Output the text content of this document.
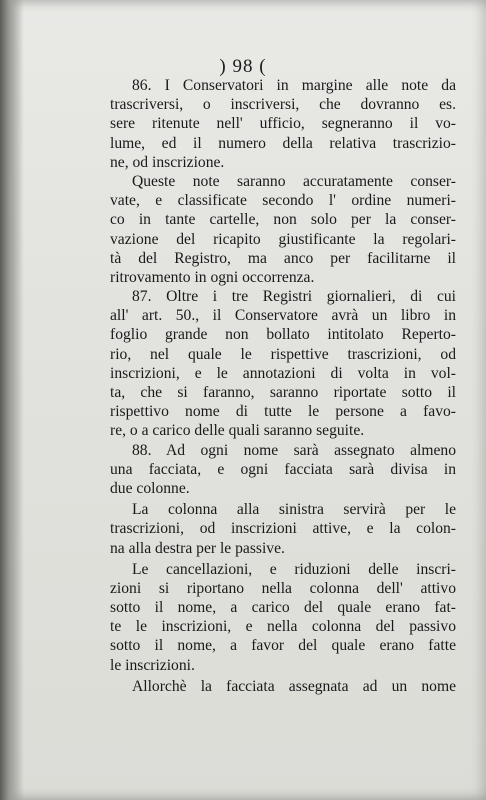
) 98 (
86. I Conservatori in margine alle note da
trascriversi, o inscriversi, che dovranno es.
sere ritenute nell' ufficio, segneranno il vo-
lume, ed il numero della relativa trascrizio-
ne, od inscrizione.
Queste note saranno accuratamente conser-
vate, e classificate secondo l' ordine numeri-
co in tante cartelle, non solo per la conser-
vazione del ricapito giustificante la regolari-
tà del Registro, ma anco per facilitarne il
ritrovamento in ogni occorrenza.
87. Oltre i tre Registri giornalieri, di cui
all' art. 50., il Conservatore avrà un libro in
foglio grande non bollato intitolato Reperto-
rio, nel quale le rispettive trascrizioni, od
inscrizioni, e le annotazioni di volta in vol-
ta, che si faranno, saranno riportate sotto il
rispettivo nome di tutte le persone a favo-
re, o a carico delle quali saranno seguite.
88. Ad ogni nome sarà assegnato almeno
una facciata, e ogni facciata sarà divisa in
due colonne.
La colonna alla sinistra servirà per le
trascrizioni, od inscrizioni attive, e la colon-
na alla destra per le passive.
Le cancellazioni, e riduzioni delle inscri-
zioni si riportano nella colonna dell' attivo
sotto il nome, a carico del quale erano fat-
te le inscrizioni, e nella colonna del passivo
sotto il nome, a favor del quale erano fatte
le inscrizioni.
Allorchè la facciata assegnata ad un nome
